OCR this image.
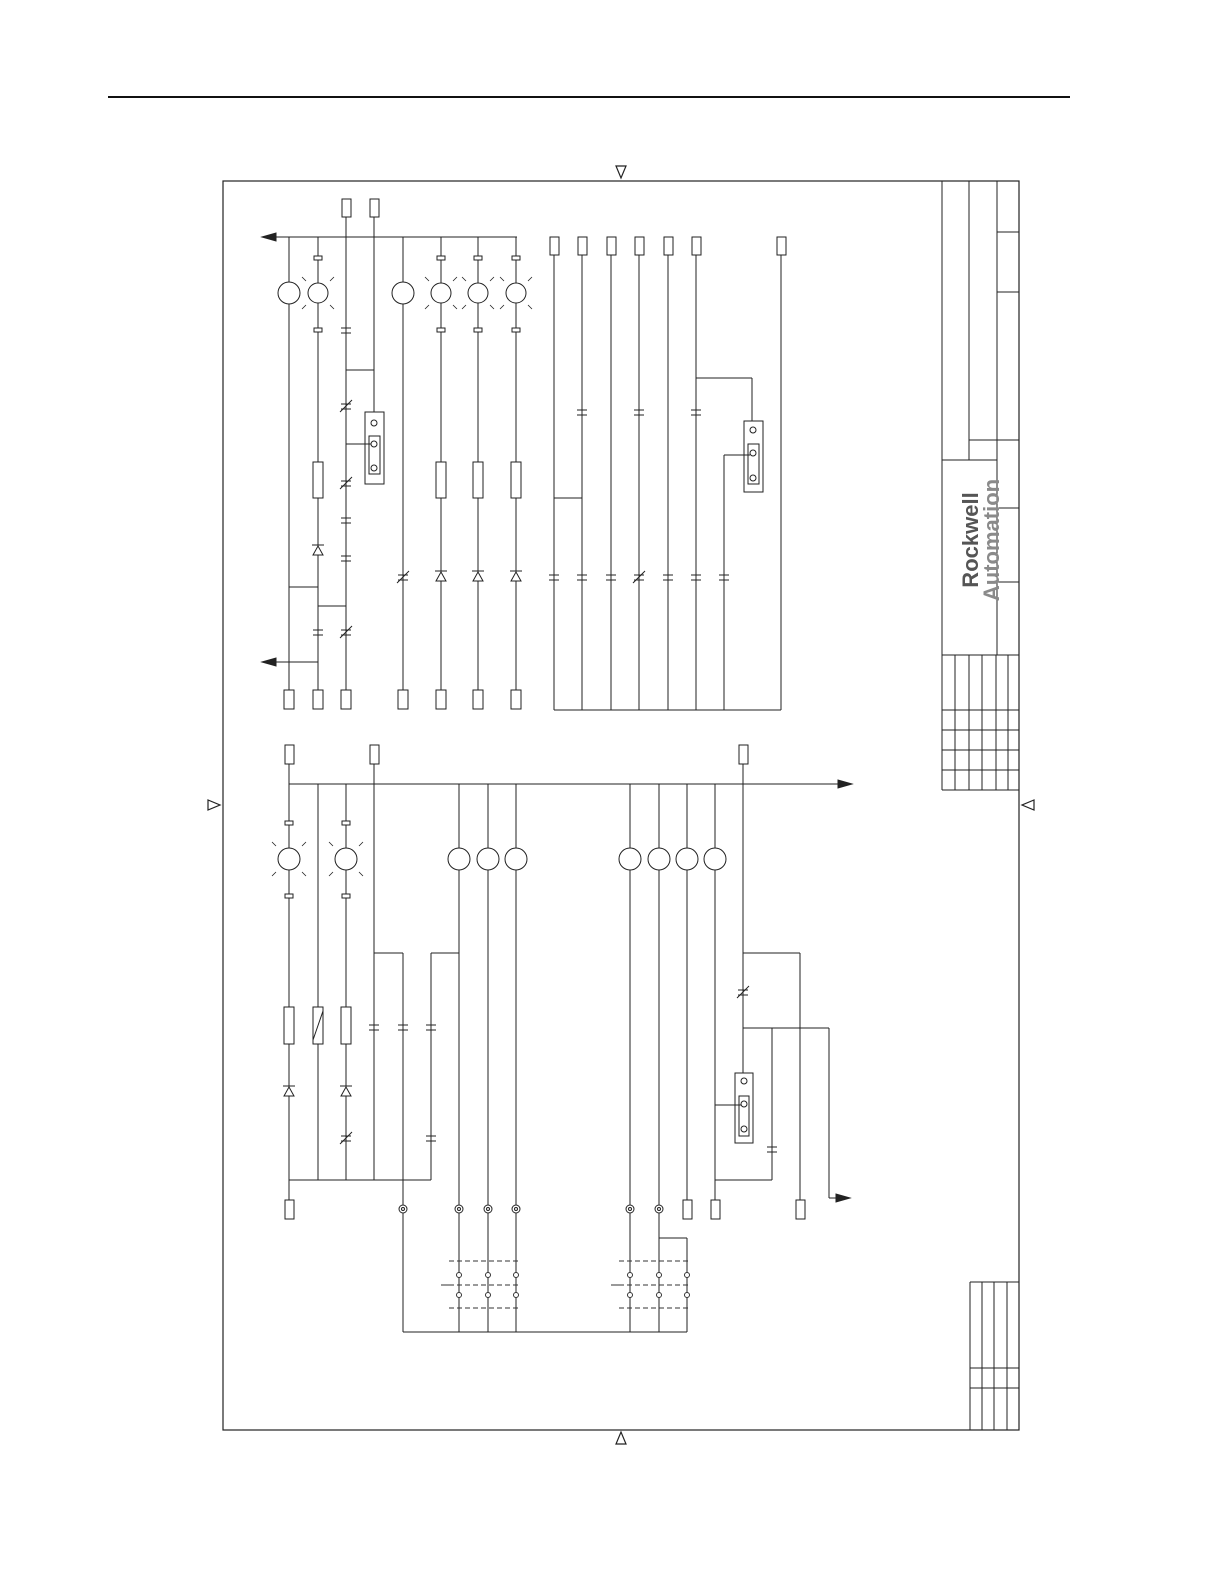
Rockwell
Automation
